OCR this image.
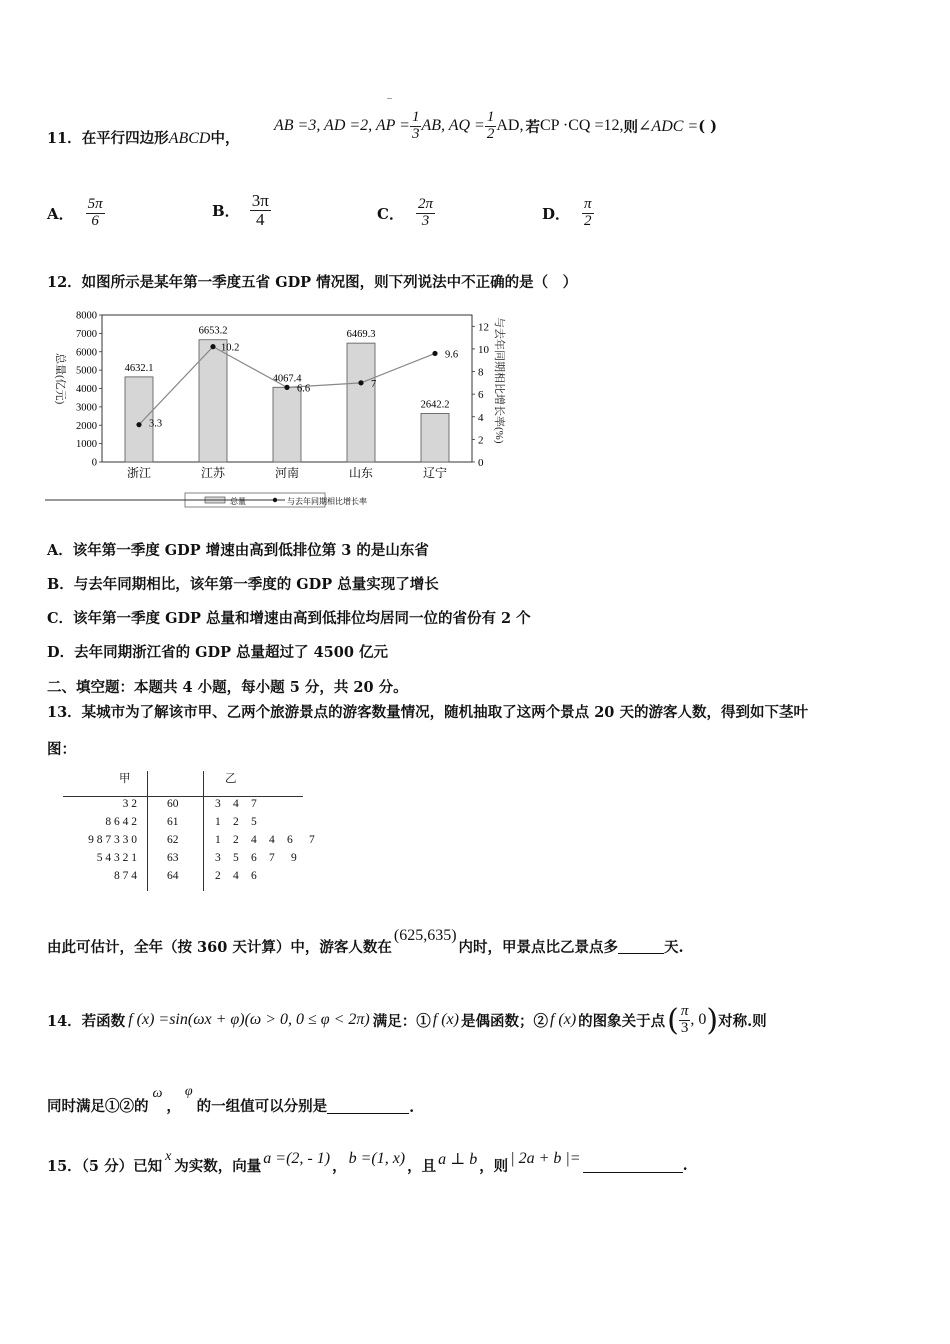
11．在平行四边形ABCD中，
AB =3, AD =2, AP = $\frac{1}{3}$ AB, AQ = $\frac{1}{2}$ AD, 若 CP ·CQ =12, 则 ∠ADC = ( )
‾
A． $\frac{5\pi}{6}$	B． $\frac{3\pi}{4}$	C． $\frac{2\pi}{3}$	D． $\frac{\pi}{2}$
12．如图所示是某年第一季度五省 GDP 情况图，则下列说法中不正确的是（　）
0
1000
2000
3000
4000
5000
6000
7000
8000
0
2
4
6
8
10
12
4632.1
6653.2
4067.4
6469.3
2642.2
3.3
10.2
6.6	7
9.6
浙江	江苏	河南	山东	辽宁
总量(亿元)	与去年同期相比增长率(%)
总量	与去年同期相比增长率
A．该年第一季度 GDP 增速由高到低排位第 3 的是山东省
B．与去年同期相比，该年第一季度的 GDP 总量实现了增长
C．该年第一季度 GDP 总量和增速由高到低排位均居同一位的省份有 2 个
D．去年同期浙江省的 GDP 总量超过了 4500 亿元
二、填空题：本题共 4 小题，每小题 5 分，共 20 分。
13．某城市为了解该市甲、乙两个旅游景点的游客数量情况，随机抽取了这两个景点 20 天的游客人数，得到如下茎叶
图：
甲	乙
3 2	60	3 4 7
8 6 4 2	61	1 2 5
9 8 7 3 3 0	62	1 2 4 4 6 7
5 4 3 2 1	63	3 5 6 7 9
8 7 4	64	2 4 6
由此可估计，全年（按 360 天计算）中，游客人数在
(625,635)
内时，甲景点比乙景点多	天.
14．若函数 f (x) =sin(ωx + φ)(ω > 0, 0 ≤ φ < 2π) 满足：① f (x) 是偶函数；② f (x) 的图象关于点 ( $\frac{\pi}{3}$ , 0 ) 对称.则
同时满足①②的
ω
，
φ
的一组值可以分别是	.
15．（5 分）已知
x
为实数，向量 a =(2, - 1) ， b =(1, x) ，且 a ⊥ b ，则 | 2a + b |=	.
